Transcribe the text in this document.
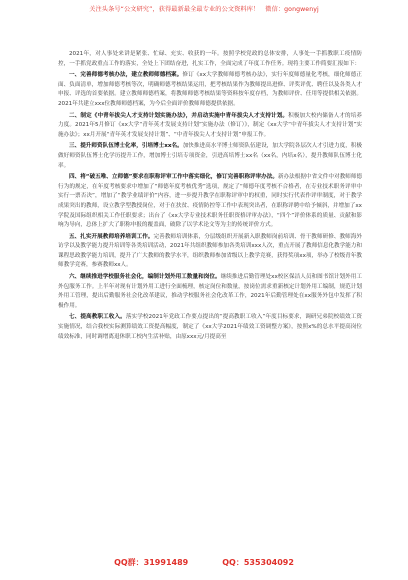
关注头条号“公文研究”，获得最新最全最专业的公文资料库！ 微信：gongwenyj

2021年，对人事处来讲是紧张、忙碌、充实、收获的一年。按照学校党政的总体安排，人事处一手抓教职工疫情防控，一手抓党政重点工作的落实，全处上下团结奋进，扎实工作，全面完成了年度工作任务。现将主要工作简要汇报如下：

一、完善师德考核办法，建立教师师德档案。修订《xx大学教师师德考核办法》，实行年度师德量化考核，细化师德正面、负面清单，增加师德考核等次，明确师德考核结果运用，把考核结果作为教师提出进修、评奖评优、聘任以及各类人才申报、评选的首要依据。建立教师师德档案，将教师师德考核结果等资料按年度存档，为教师评价、任用等提供相关依据。2021年共建立xxx位教师师德档案，为今后全面评价教师师德提供依据。

二、制定《中青年拔尖人才支持计划实施办法》，并启动实施中青年拔尖人才支持计划。积极加大校内储备人才的培养力度。2021年5月修订《xx大学“青年英才发展支持计划”实施办法（修订）》，制定《xx大学“中青年拔尖人才支持计划”实施办法》；xx月开展“青年英才发展支持计划”、“中青年拔尖人才支持计划”申报工作。

三、提升师资队伍博士化率，引培博士xx名。加快推进高水平博士师资队伍建设，加大学院各层次人才引进力度，积极做好师资队伍博士化学历提升工作，增加博士引培专项资金，引进高培博士xx名（xx名，内培x名），提升教师队伍博士化率。

四、将“破五唯、立师德”要求在职称评审工作中落实细化，修订完善职称评审办法。新办法根据中省文件中对教师师德行为的规定，在年度考核要求中增加了“师德年度考核优秀”选项，规定了“师德年度考核不合格者，在专业技术职务评审中实行一票否决”，增加了“教学业绩评价”内容，进一步提升教学在职称评审中的权重，同时实行代表作评审制度，对于教学成果突出的教师，设立教学型教授岗位，对于在扶贫、疫情防控等工作中表现突出者，在职称评聘中给予倾斜，并增加了xx学院及国际组织相关工作任职要求；出台了《xx大学专业技术职务任职资格评审办法》，“四个”评价体系的质量、贡献和影响为导向，总体上扩大了职称申报的覆盖面，破除了以学术论文等为主的传统评价方式。

五、扎实开展教师培养培训工作。完善教师培训体系，分层级组织开展新入职教师岗前培训、骨干教师研修、教师海外访学以及教学能力提升培训等各类培训活动，2021年共组织教师参加各类培训xxx人次，重点开展了教师信息化教学能力和课程思政教学能力培训，提升了广大教师的教学水平，组织教师参加省级以上教学竞赛，获得奖项xx项，举办了校级青年教师教学竞赛，参赛教师xx人。

六、继续推进学校服务社会化，编制计划外用工数量和岗位。继续推进后勤管理处xx校区保洁人员和图书馆计划外用工外包服务工作。上半年对现有计划外用工进行全面梳理，核定岗位和数量，按岗位需求重新核定计划外用工编制，规范计划外用工管理，提出后勤服务社会化改革建议，推动学校服务社会化改革工作，2021年后勤管理处在xx服务外包中发挥了积极作用。

七、提高教职工收入。落实学校2021年党政工作要点提出的“提高教职工收入”年度目标要求，调研兄弟院校绩效工资实施情况，结合我校实际测算绩效工资提高幅度，制定了《xx大学2021年绩效工资调整方案》，按照x%的总水平提高岗位绩效标准，同时调增离退休职工校内生活补贴，由原xxx元/月提高至

QQ群：31991489	QQ：535304092
